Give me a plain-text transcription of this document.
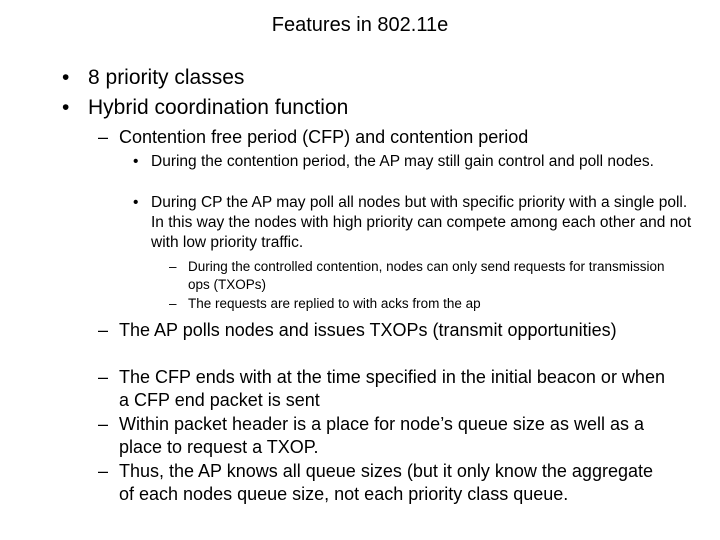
Features in 802.11e
• 8 priority classes
• Hybrid coordination function
– Contention free period (CFP) and contention period
• During the contention period, the AP may still gain control and poll nodes.
• During CP the AP may poll all nodes but with specific priority with a single poll. In this way the nodes with high priority can compete among each other and not with low priority traffic.
– During the controlled contention, nodes can only send requests for transmission ops (TXOPs)
– The requests are replied to with acks from the ap
– The AP polls nodes and issues TXOPs (transmit opportunities)
– The CFP ends with at the time specified in the initial beacon or when a CFP end packet is sent
– Within packet header is a place for node’s queue size as well as a place to request a TXOP.
– Thus, the AP knows all queue sizes (but it only know the aggregate of each nodes queue size, not each priority class queue.
